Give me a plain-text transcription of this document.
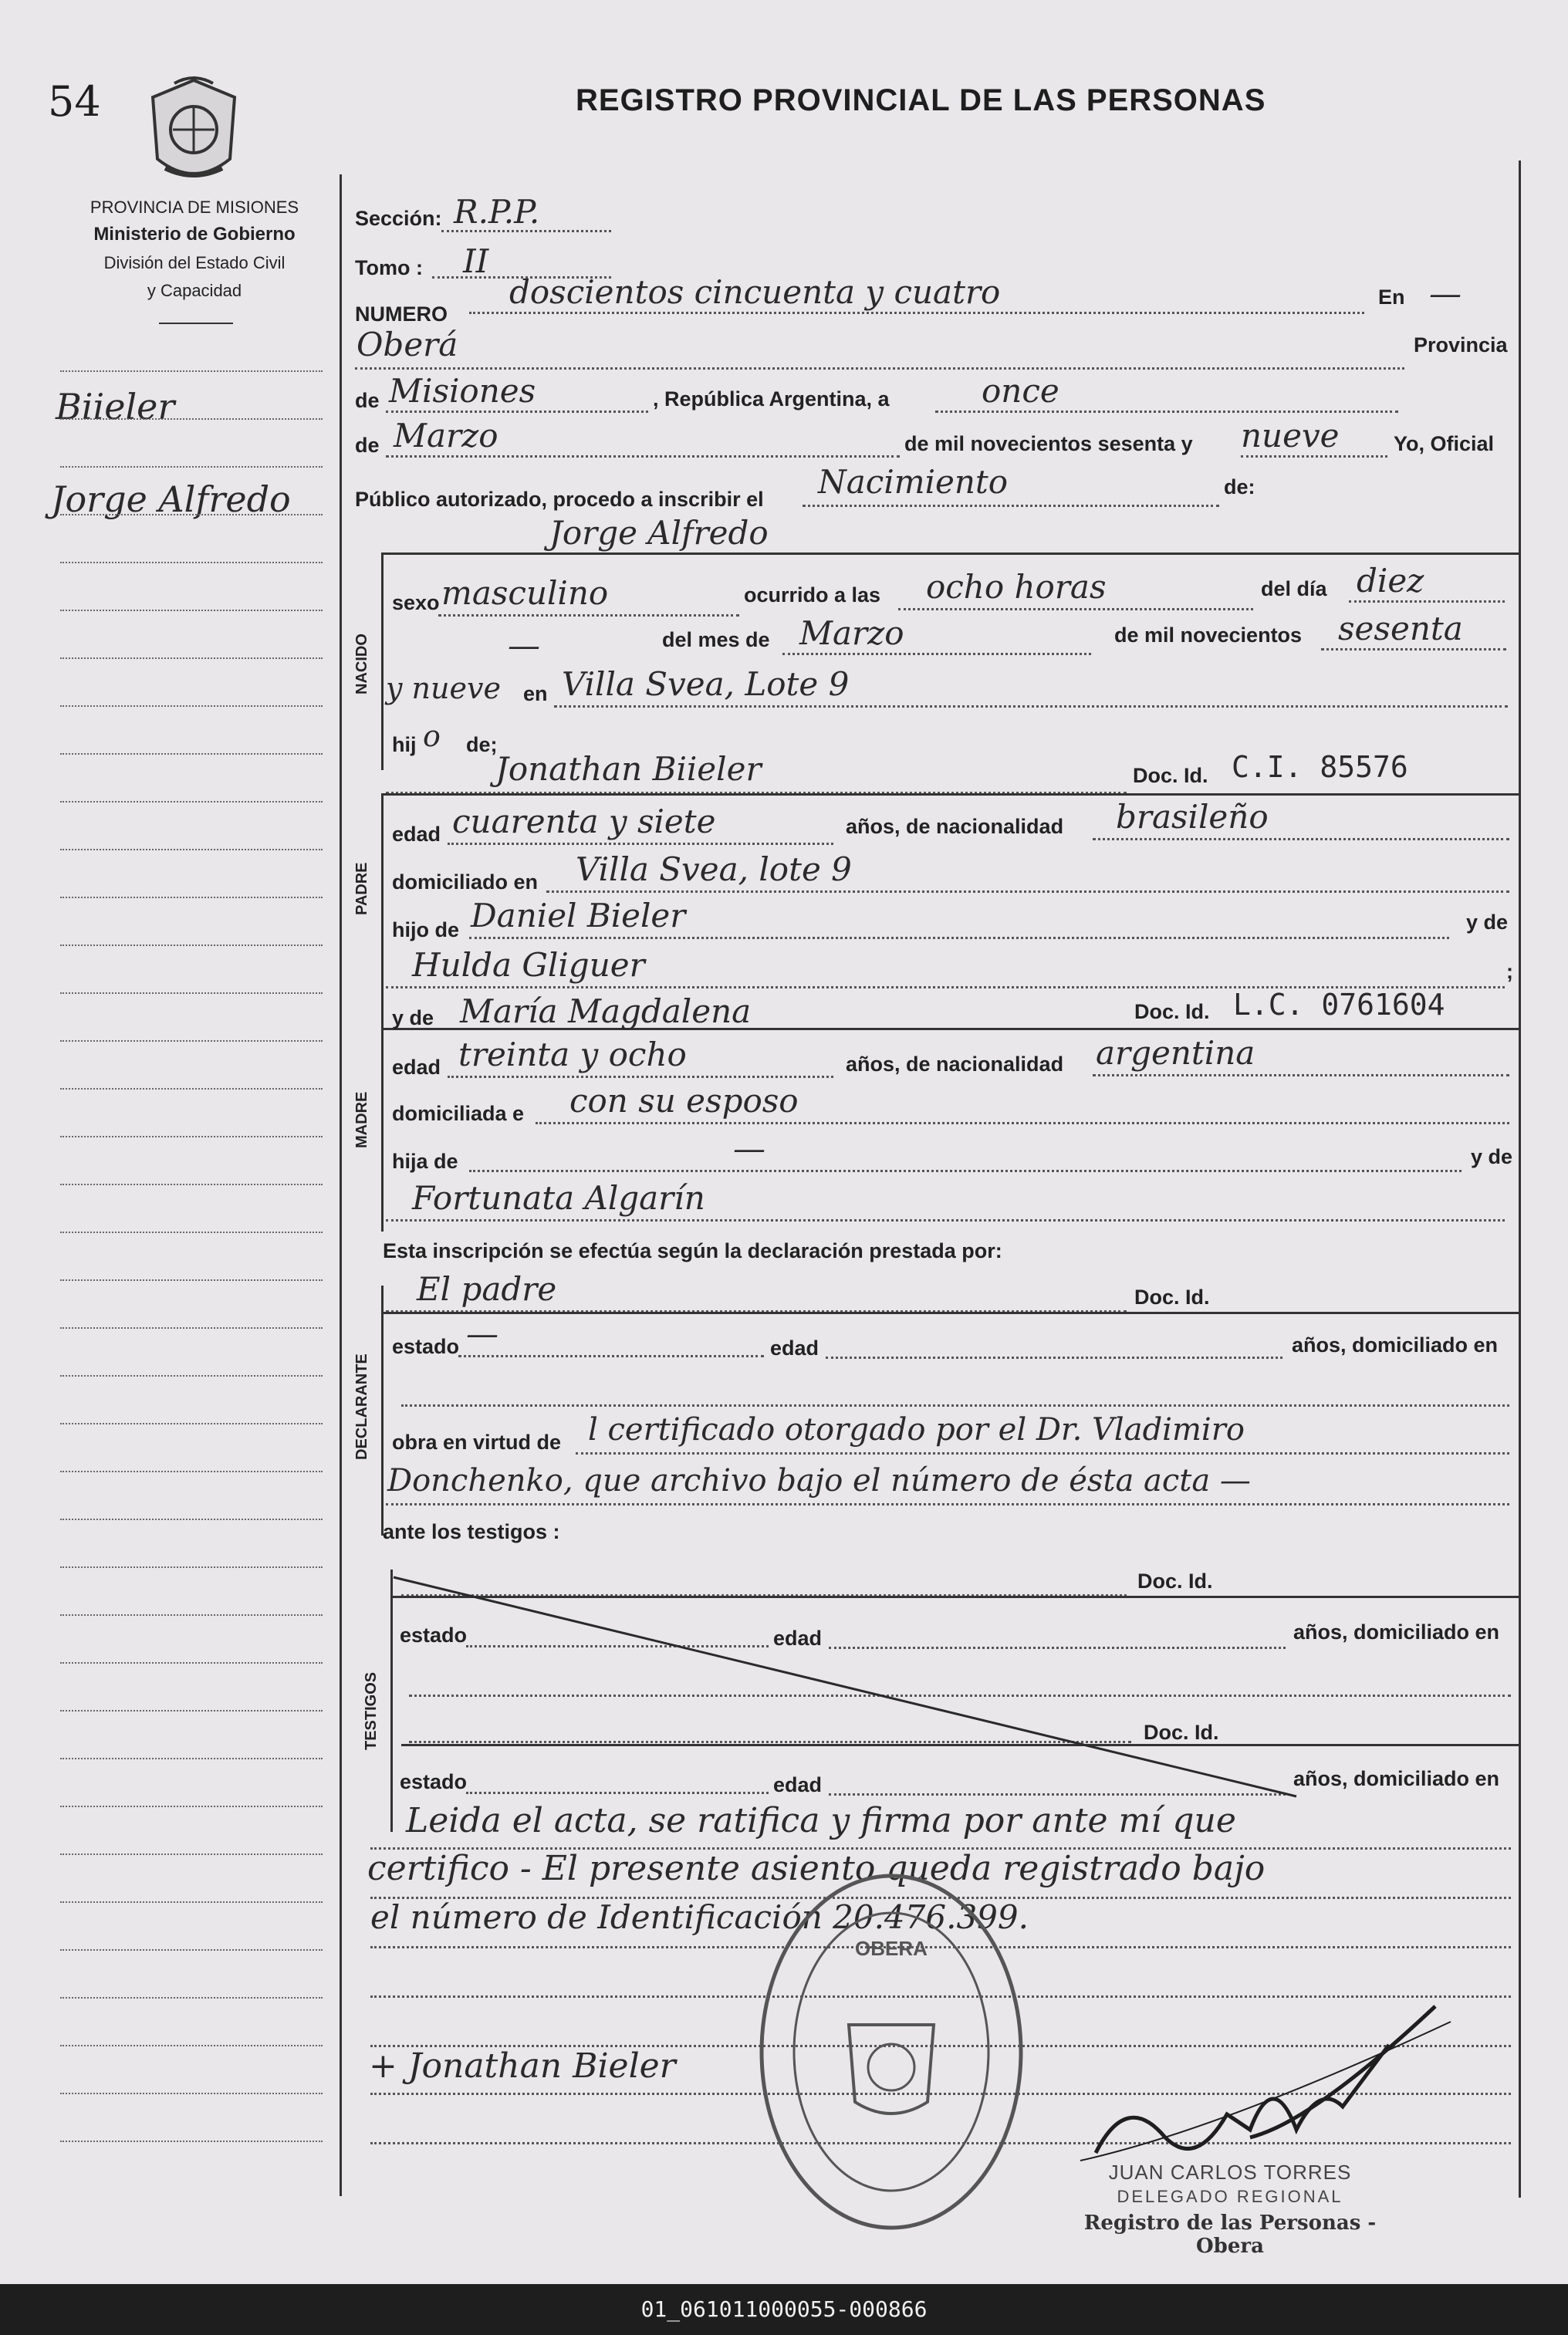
54	REGISTRO PROVINCIAL DE LAS PERSONAS
PROVINCIA DE MISIONES
Ministerio de Gobierno
División del Estado Civil
y Capacidad
Biieler
Jorge Alfredo
Sección: R.P.P.
Tomo : II
NUMERO
doscientos cincuenta y cuatro	En —
Oberá	Provincia
de Misiones	, República Argentina, a	once
de Marzo	de mil novecientos sesenta y nueve	Yo, Oficial
Público autorizado, procedo a inscribir el Nacimiento	de:
Jorge Alfredo
NACIDO
sexo masculino	ocurrido a las ocho horas	del día diez
—	del mes de Marzo	de mil novecientos sesenta
y nueve en Villa Svea, Lote 9
hij o de;
Jonathan Biieler
PADRE
Doc. Id. C.I. 85576
edad cuarenta y siete	años, de nacionalidad brasileño
domiciliado en Villa Svea, lote 9
hijo de Daniel Bieler	y de
Hulda Gliguer	;
MADRE
y de María Magdalena	Doc. Id. L.C. 0761604
edad treinta y ocho	años, de nacionalidad argentina
domiciliada e con su esposo
hija de	—	y de
Fortunata Algarín
Esta inscripción se efectúa según la declaración prestada por:
El padre	Doc. Id.
DECLARANTE
estado —	edad	años, domiciliado en
obra en virtud de l certificado otorgado por el Dr. Vladimiro
Donchenko, que archivo bajo el número de ésta acta —
ante los testigos :
Doc. Id.
TESTIGOS
estado	edad	años, domiciliado en
Doc. Id.
estado	edad	años, domiciliado en
Leida el acta, se ratifica y firma por ante mí que
certifico - El presente asiento queda registrado bajo
el número de Identificación 20.476.399.
+ Jonathan Bieler
OBERA
JUAN CARLOS TORRES
DELEGADO REGIONAL
Registro de las Personas - Obera
01_061011000055-000866
